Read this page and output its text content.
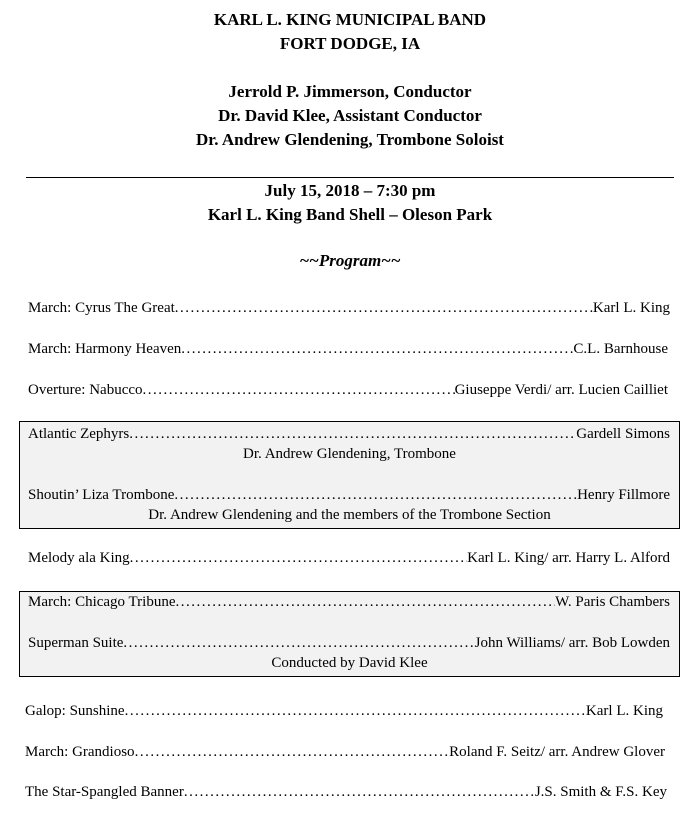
KARL L. KING MUNICIPAL BAND
FORT DODGE, IA
Jerrold P. Jimmerson, Conductor
Dr. David Klee, Assistant Conductor
Dr. Andrew Glendening, Trombone Soloist
July 15, 2018 – 7:30 pm
Karl L. King Band Shell – Oleson Park
~~Program~~
March: Cyrus The Great .....	Karl L. King
March: Harmony Heaven .....	C.L. Barnhouse
Overture: Nabucco .....	Giuseppe Verdi/ arr. Lucien Cailliet
Atlantic Zephyrs .....	Gardell Simons
Dr. Andrew Glendening, Trombone
Shoutin’ Liza Trombone .....	Henry Fillmore
Dr. Andrew Glendening and the members of the Trombone Section
Melody ala King .....	Karl L. King/ arr. Harry L. Alford
March: Chicago Tribune .....	W. Paris Chambers
Superman Suite .....	John Williams/ arr. Bob Lowden
Conducted by David Klee
Galop: Sunshine .....	Karl L. King
March: Grandioso .....	Roland F. Seitz/ arr. Andrew Glover
The Star-Spangled Banner .....	J.S. Smith & F.S. Key
